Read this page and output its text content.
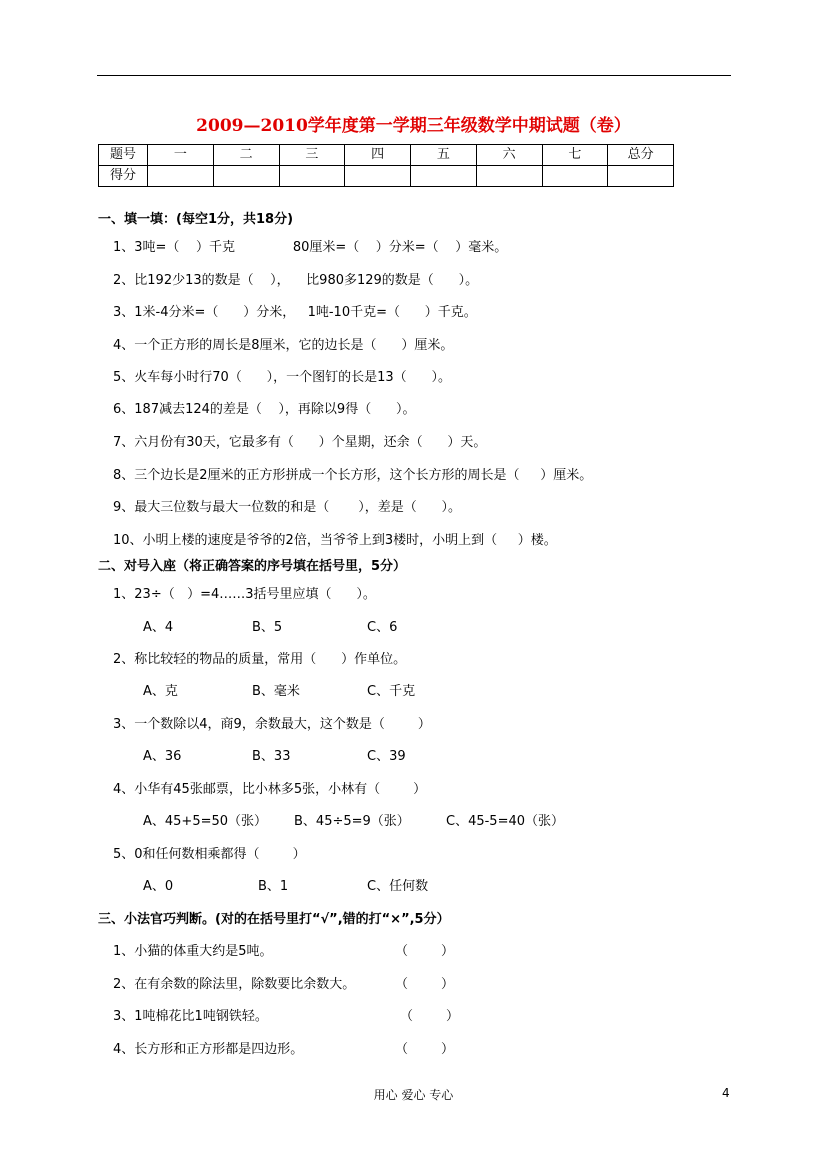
2009—2010学年度第一学期三年级数学中期试题（卷）
题号	一	二	三	四	五	六	七	总分
得分								
一、填一填：(每空1分，共18分)
1、3吨=（    ）千克              80厘米=（    ）分米=（    ）毫米。
2、比192少13的数是（    ），    比980多129的数是（      ）。
3、1米-4分米=（      ）分米，   1吨-10千克=（      ）千克。
4、一个正方形的周长是8厘米，它的边长是（      ）厘米。
5、火车每小时行70（      ），一个图钉的长是13（      ）。
6、187减去124的差是（    ），再除以9得（      ）。
7、六月份有30天，它最多有（      ）个星期，还余（      ）天。
8、三个边长是2厘米的正方形拼成一个长方形，这个长方形的周长是（     ）厘米。
9、最大三位数与最大一位数的和是（       ），差是（      ）。
10、小明上楼的速度是爷爷的2倍，当爷爷上到3楼时，小明上到（     ）楼。
二、对号入座（将正确答案的序号填在括号里，5分）
1、23÷（   ）=4……3括号里应填（      ）。
A、4	B、5	C、6
2、称比较轻的物品的质量，常用（      ）作单位。
A、克	B、毫米	C、千克
3、一个数除以4，商9，余数最大，这个数是（        ）
A、36	B、33	C、39
4、小华有45张邮票，比小林多5张，小林有（        ）
A、45+5=50（张） B、45÷5=9（张）	C、45-5=40（张）
5、0和任何数相乘都得（        ）
A、0	B、1	C、任何数
三、小法官巧判断。(对的在括号里打“√”,错的打“×”,5分）
1、小猫的体重大约是5吨。	（        ）
2、在有余数的除法里，除数要比余数大。	（        ）
3、1吨棉花比1吨钢铁轻。	（        ）
4、长方形和正方形都是四边形。	（        ）
用心 爱心 专心	4
